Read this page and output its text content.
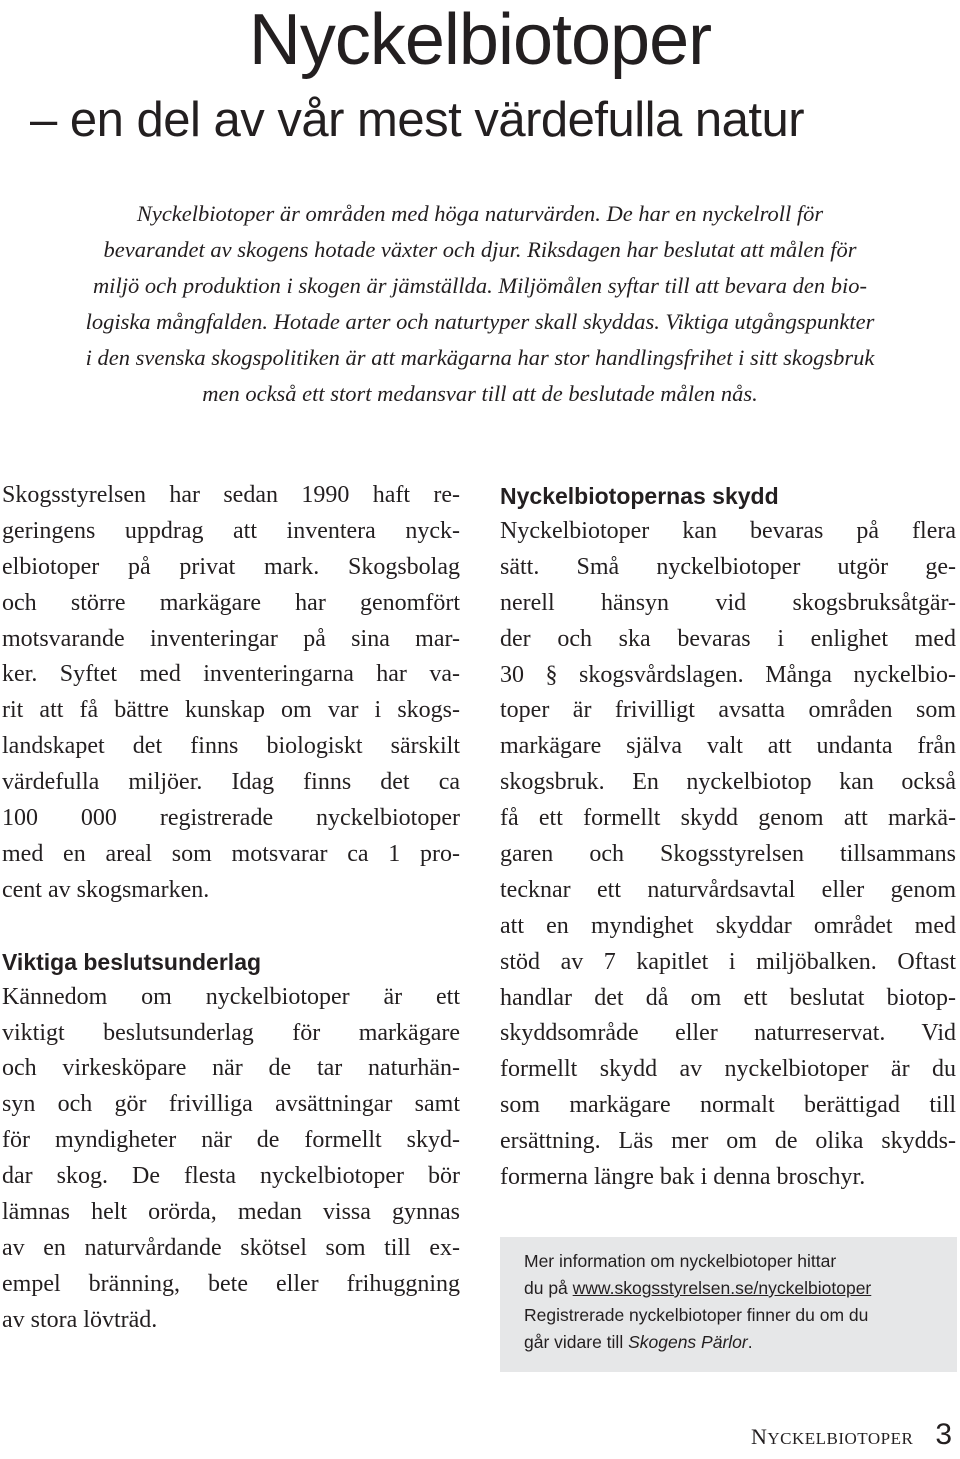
Nyckelbiotoper
– en del av vår mest värdefulla natur

Nyckelbiotoper är områden med höga naturvärden. De har en nyckelroll för
bevarandet av skogens hotade växter och djur. Riksdagen har beslutat att målen för
miljö och produktion i skogen är jämställda. Miljömålen syftar till att bevara den bio-
logiska mångfalden. Hotade arter och naturtyper skall skyddas. Viktiga utgångspunkter
i den svenska skogspolitiken är att markägarna har stor handlingsfrihet i sitt skogsbruk
men också ett stort medansvar till att de beslutade målen nås.

Skogsstyrelsen har sedan 1990 haft re-
geringens uppdrag att inventera nyck-
elbiotoper på privat mark. Skogsbolag
och större markägare har genomfört
motsvarande inventeringar på sina mar-
ker. Syftet med inventeringarna har va-
rit att få bättre kunskap om var i skogs-
landskapet det finns biologiskt särskilt
värdefulla miljöer. Idag finns det ca
100 000 registrerade nyckelbiotoper
med en areal som motsvarar ca 1 pro-
cent av skogsmarken.
Viktiga beslutsunderlag
Kännedom om nyckelbiotoper är ett
viktigt beslutsunderlag för markägare
och virkesköpare när de tar naturhän-
syn och gör frivilliga avsättningar samt
för myndigheter när de formellt skyd-
dar skog. De flesta nyckelbiotoper bör
lämnas helt orörda, medan vissa gynnas
av en naturvårdande skötsel som till ex-
empel bränning, bete eller frihuggning
av stora lövträd.
Nyckelbiotopernas skydd
Nyckelbiotoper kan bevaras på flera
sätt. Små nyckelbiotoper utgör ge-
nerell hänsyn vid skogsbruksåtgär-
der och ska bevaras i enlighet med
30 § skogsvårdslagen. Många nyckelbio-
toper är frivilligt avsatta områden som
markägare själva valt att undanta från
skogsbruk. En nyckelbiotop kan också
få ett formellt skydd genom att markä-
garen och Skogsstyrelsen tillsammans
tecknar ett naturvårdsavtal eller genom
att en myndighet skyddar området med
stöd av 7 kapitlet i miljöbalken. Oftast
handlar det då om ett beslutat biotop-
skyddsområde eller naturreservat. Vid
formellt skydd av nyckelbiotoper är du
som markägare normalt berättigad till
ersättning. Läs mer om de olika skydds-
formerna längre bak i denna broschyr.
Mer information om nyckelbiotoper hittar
du på www.skogsstyrelsen.se/nyckelbiotoper
Registrerade nyckelbiotoper finner du om du
går vidare till Skogens Pärlor.
NYCKELBIOTOPER 3
